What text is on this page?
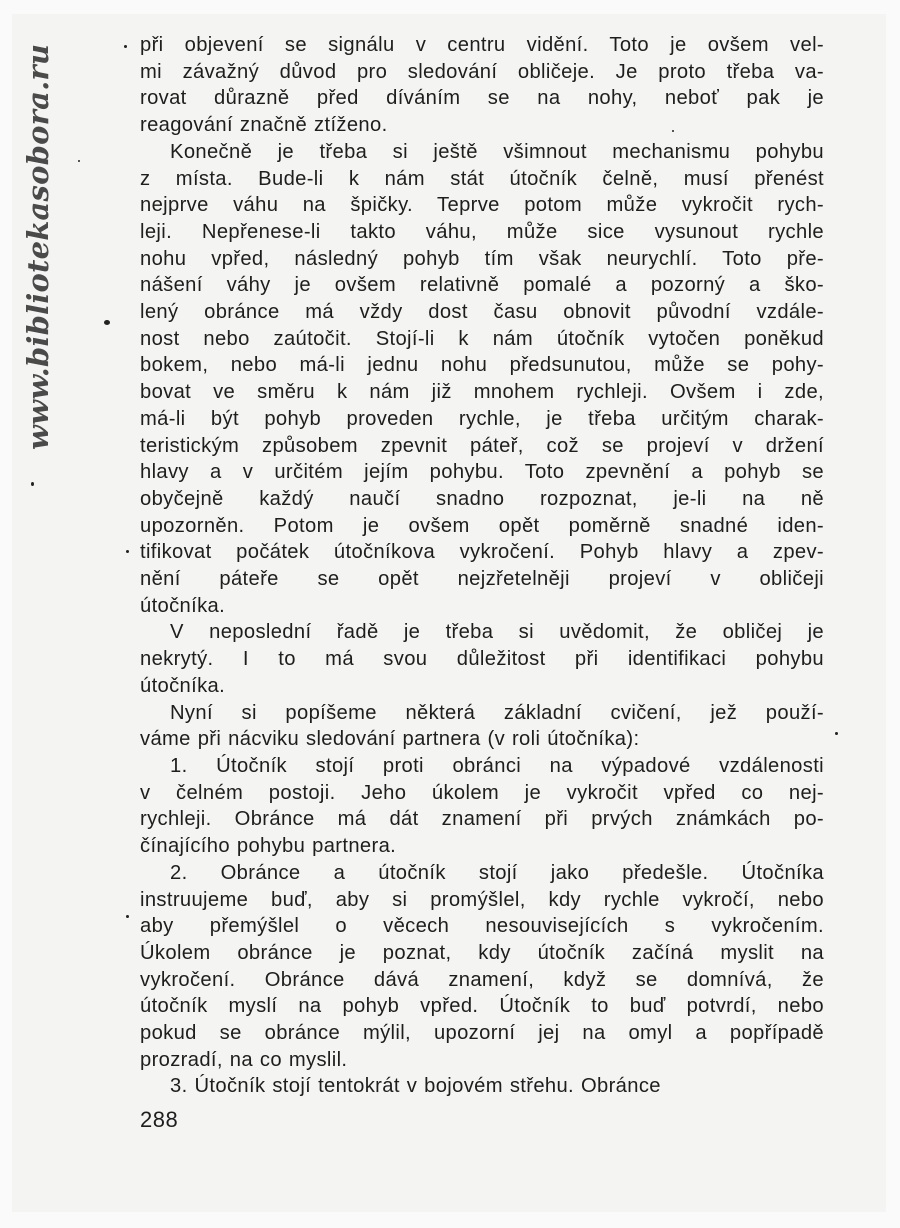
www.bibliotekasobora.ru	při objevení se signálu v centru vidění. Toto je ovšem vel-
mi závažný důvod pro sledování obličeje. Je proto třeba va-
rovat důrazně před díváním se na nohy, neboť pak je
reagování značně ztíženo.

Konečně je třeba si ještě všimnout mechanismu pohybu
z místa. Bude-li k nám stát útočník čelně, musí přenést
nejprve váhu na špičky. Teprve potom může vykročit rych-
leji. Nepřenese-li takto váhu, může sice vysunout rychle
nohu vpřed, následný pohyb tím však neurychlí. Toto pře-
nášení váhy je ovšem relativně pomalé a pozorný a ško-
lený obránce má vždy dost času obnovit původní vzdále-
nost nebo zaútočit. Stojí-li k nám útočník vytočen poněkud
bokem, nebo má-li jednu nohu předsunutou, může se pohy-
bovat ve směru k nám již mnohem rychleji. Ovšem i zde,
má-li být pohyb proveden rychle, je třeba určitým charak-
teristickým způsobem zpevnit páteř, což se projeví v držení
hlavy a v určitém jejím pohybu. Toto zpevnění a pohyb se
obyčejně každý naučí snadno rozpoznat, je-li na ně
upozorněn. Potom je ovšem opět poměrně snadné iden-
tifikovat počátek útočníkova vykročení. Pohyb hlavy a zpev-
nění páteře se opět nejzřetelněji projeví v obličeji
útočníka.

V neposlední řadě je třeba si uvědomit, že obličej je
nekrytý. I to má svou důležitost při identifikaci pohybu
útočníka.

Nyní si popíšeme některá základní cvičení, jež použí-
váme při nácviku sledování partnera (v roli útočníka):

1. Útočník stojí proti obránci na výpadové vzdálenosti
v čelném postoji. Jeho úkolem je vykročit vpřed co nej-
rychleji. Obránce má dát znamení při prvých známkách po-
čínajícího pohybu partnera.

2. Obránce a útočník stojí jako předešle. Útočníka
instruujeme buď, aby si promýšlel, kdy rychle vykročí, nebo
aby přemýšlel o věcech nesouvisejících s vykročením.
Úkolem obránce je poznat, kdy útočník začíná myslit na
vykročení. Obránce dává znamení, když se domnívá, že
útočník myslí na pohyb vpřed. Útočník to buď potvrdí, nebo
pokud se obránce mýlil, upozorní jej na omyl a popřípadě
prozradí, na co myslil.

3. Útočník stojí tentokrát v bojovém střehu. Obránce

288
